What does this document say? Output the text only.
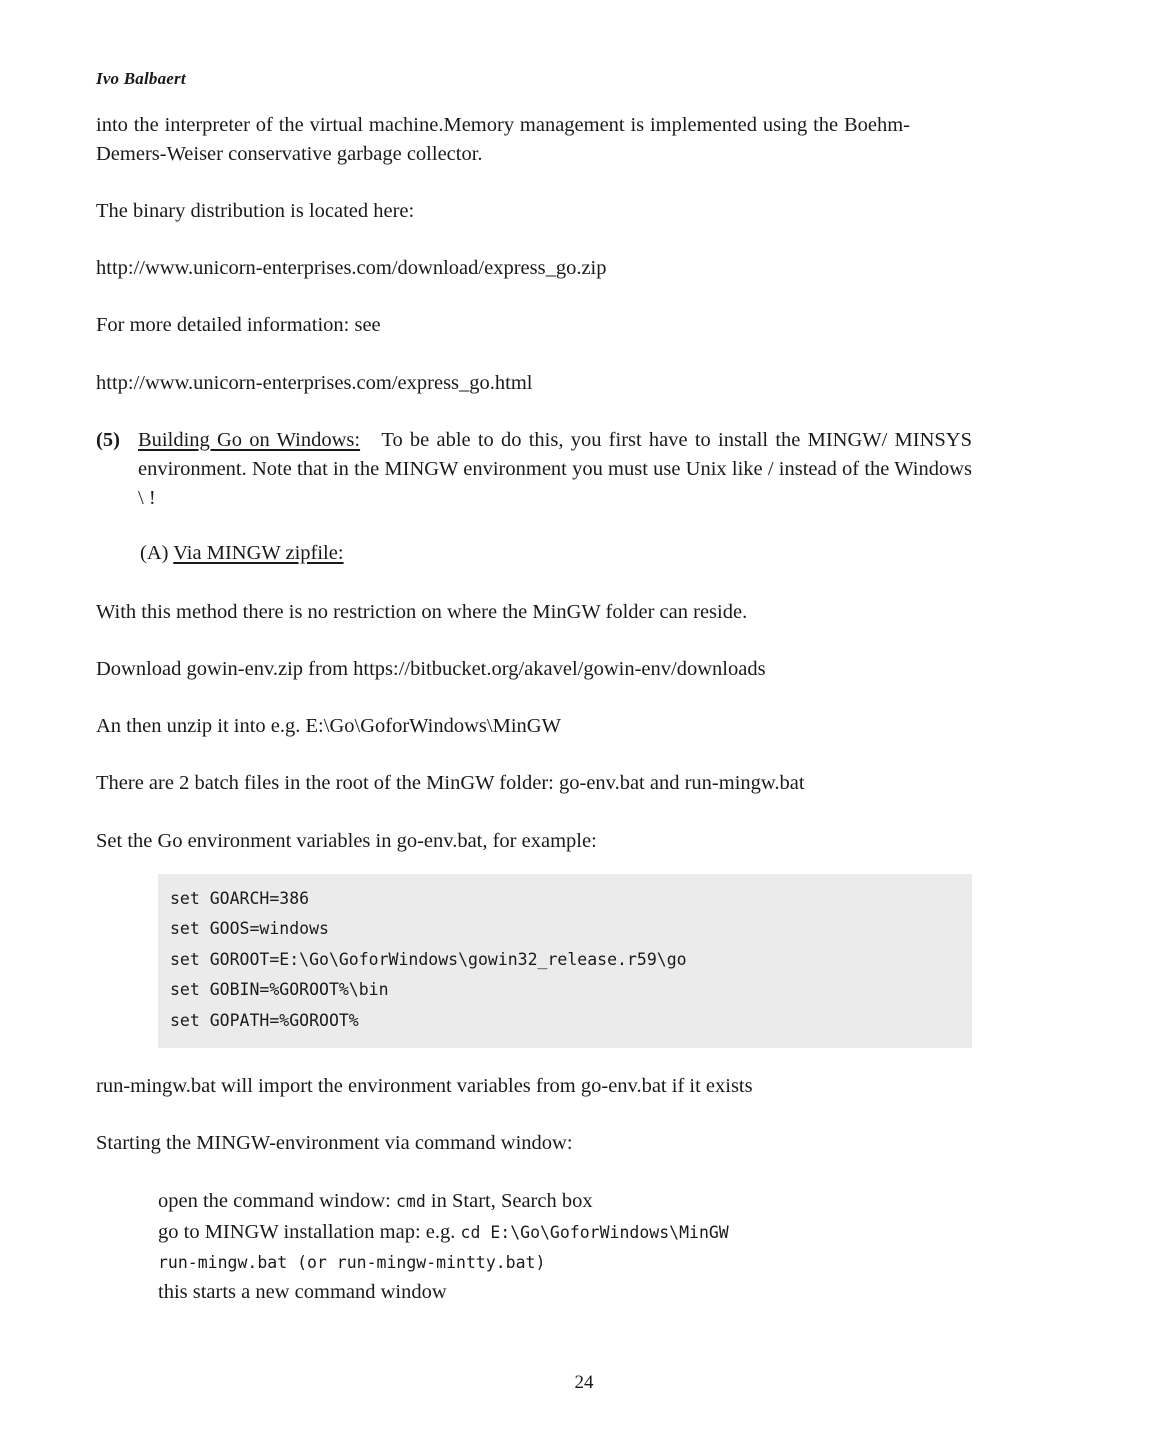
Ivo Balbaert

into the interpreter of the virtual machine.Memory management is implemented using the Boehm-Demers-Weiser conservative garbage collector.

The binary distribution is located here:

http://www.unicorn-enterprises.com/download/express_go.zip

For more detailed information: see

http://www.unicorn-enterprises.com/express_go.html

(5) Building Go on Windows: To be able to do this, you first have to install the MINGW/ MINSYS environment. Note that in the MINGW environment you must use Unix like / instead of the Windows \ !
(A) Via MINGW zipfile:

With this method there is no restriction on where the MinGW folder can reside.

Download gowin-env.zip from https://bitbucket.org/akavel/gowin-env/downloads

An then unzip it into e.g. E:\Go\GoforWindows\MinGW

There are 2 batch files in the root of the MinGW folder: go-env.bat and run-mingw.bat

Set the Go environment variables in go-env.bat, for example:

set GOARCH=386
set GOOS=windows
set GOROOT=E:\Go\GoforWindows\gowin32_release.r59\go
set GOBIN=%GOROOT%\bin
set GOPATH=%GOROOT%

run-mingw.bat will import the environment variables from go-env.bat if it exists

Starting the MINGW-environment via command window:

open the command window: cmd in Start, Search box
go to MINGW installation map: e.g. cd E:\Go\GoforWindows\MinGW
run-mingw.bat (or run-mingw-mintty.bat)
this starts a new command window
24
